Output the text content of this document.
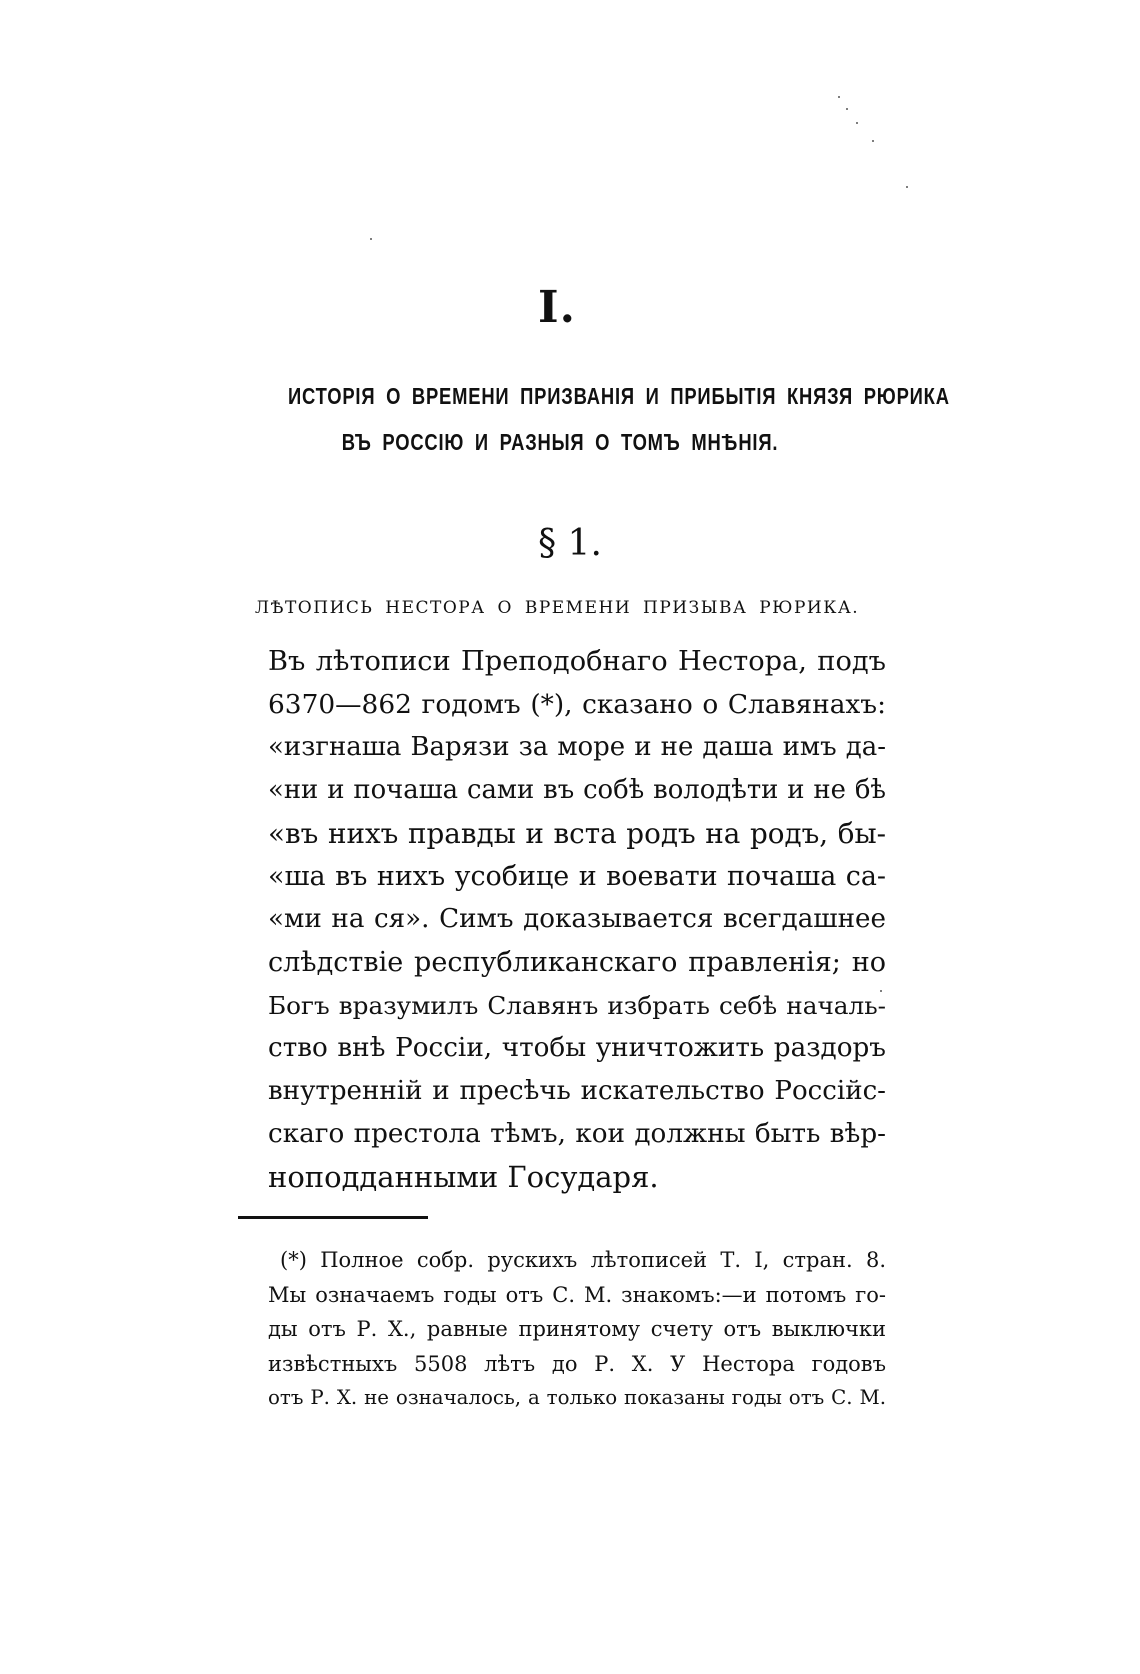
I.
ИСТОРІЯ О ВРЕМЕНИ ПРИЗВАНІЯ И ПРИБЫТІЯ КНЯЗЯ РЮРИКА
ВЪ РОССІЮ И РАЗНЫЯ О ТОМЪ МНѢНІЯ.
§ 1.
ЛѢТОПИСЬ НЕСТОРА О ВРЕМЕНИ ПРИЗЫВА РЮРИКА.
Въ лѣтописи Преподобнаго Нестора, подъ
6370—862 годомъ (*), сказано о Славянахъ:
«изгнаша Варязи за море и не даша имъ да-
«ни и почаша сами въ собѣ володѣти и не бѣ
«въ нихъ правды и вста родъ на родъ, бы-
«ша въ нихъ усобице и воевати почаша са-
«ми на ся». Симъ доказывается всегдашнее
слѣдствіе республиканскаго правленія; но
Богъ вразумилъ Славянъ избрать себѣ началь-
ство внѣ Россіи, чтобы уничтожить раздоръ
внутренній и пресѣчь искательство Россійс-
скаго престола тѣмъ, кои должны быть вѣр-
ноподданными Государя.
(*) Полное собр. рускихъ лѣтописей Т. I, стран. 8.
Мы означаемъ годы отъ С. М. знакомъ:—и потомъ го-
ды отъ Р. Х., равные принятому счету отъ выключки
извѣстныхъ 5508 лѣтъ до Р. Х. У Нестора годовъ
отъ Р. Х. не означалось, а только показаны годы отъ С. М.
